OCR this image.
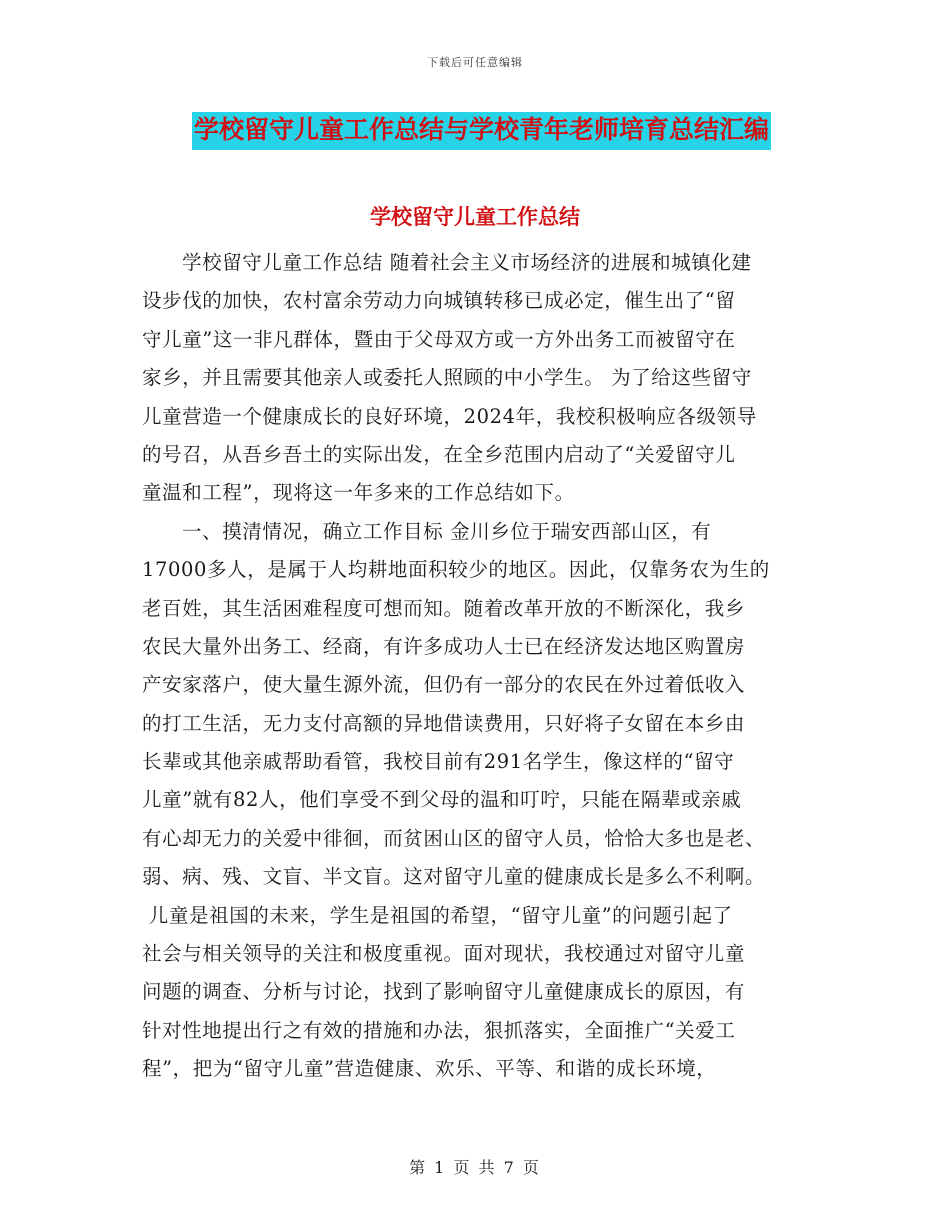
下载后可任意编辑
学校留守儿童工作总结与学校青年老师培育总结汇编
学校留守儿童工作总结
学校留守儿童工作总结 随着社会主义市场经济的进展和城镇化建
设步伐的加快，农村富余劳动力向城镇转移已成必定，催生出了“留
守儿童”这一非凡群体，暨由于父母双方或一方外出务工而被留守在
家乡，并且需要其他亲人或委托人照顾的中小学生。 为了给这些留守
儿童营造一个健康成长的良好环境，2024年，我校积极响应各级领导
的号召，从吾乡吾土的实际出发，在全乡范围内启动了“关爱留守儿
童温和工程”，现将这一年多来的工作总结如下。
一、摸清情况，确立工作目标 金川乡位于瑞安西部山区，有
17000多人，是属于人均耕地面积较少的地区。因此，仅靠务农为生的
老百姓，其生活困难程度可想而知。随着改革开放的不断深化，我乡
农民大量外出务工、经商，有许多成功人士已在经济发达地区购置房
产安家落户，使大量生源外流，但仍有一部分的农民在外过着低收入
的打工生活，无力支付高额的异地借读费用，只好将子女留在本乡由
长辈或其他亲戚帮助看管，我校目前有291名学生，像这样的“留守
儿童”就有82人，他们享受不到父母的温和叮咛，只能在隔辈或亲戚
有心却无力的关爱中徘徊，而贫困山区的留守人员，恰恰大多也是老、
弱、病、残、文盲、半文盲。这对留守儿童的健康成长是多么不利啊。
儿童是祖国的未来，学生是祖国的希望，“留守儿童”的问题引起了
社会与相关领导的关注和极度重视。面对现状，我校通过对留守儿童
问题的调查、分析与讨论，找到了影响留守儿童健康成长的原因，有
针对性地提出行之有效的措施和办法，狠抓落实，全面推广“关爱工
程”，把为“留守儿童”营造健康、欢乐、平等、和谐的成长环境，
第 1 页 共 7 页
